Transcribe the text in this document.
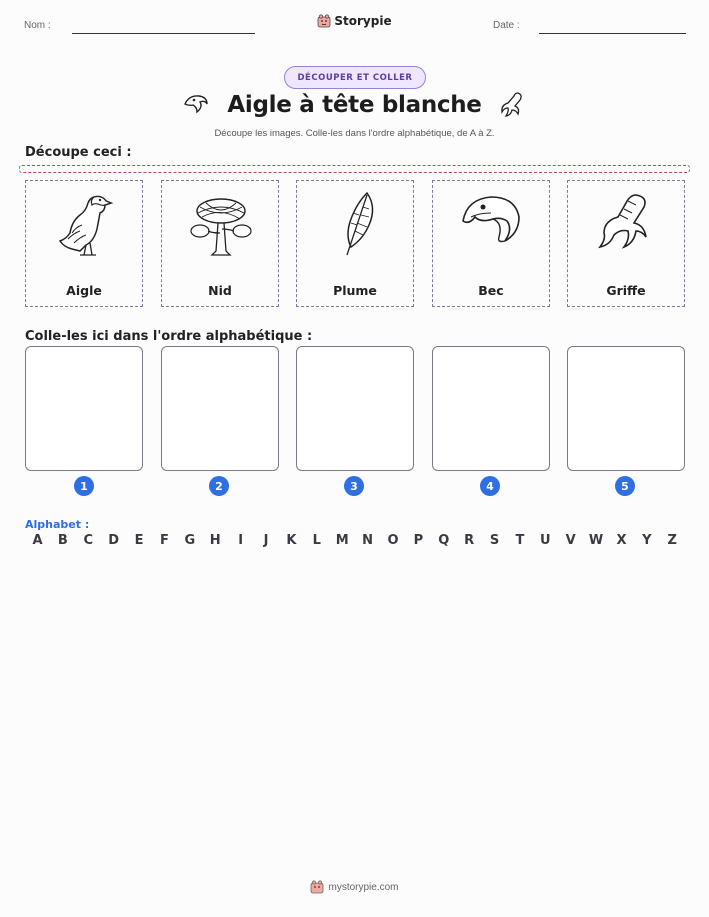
Nom :	Storypie	Date :
DÉCOUPER ET COLLER
Aigle à tête blanche
Découpe les images. Colle-les dans l'ordre alphabétique, de A à Z.
Découpe ceci :
Aigle	Nid	Plume	Bec	Griffe
Colle-les ici dans l'ordre alphabétique :
1	2	3	4	5
Alphabet :
A	B	C	D	E	F	G	H	I	J	K	L	M	N	O	P	Q	R	S	T	U	V	W	X	Y	Z
mystorypie.com
